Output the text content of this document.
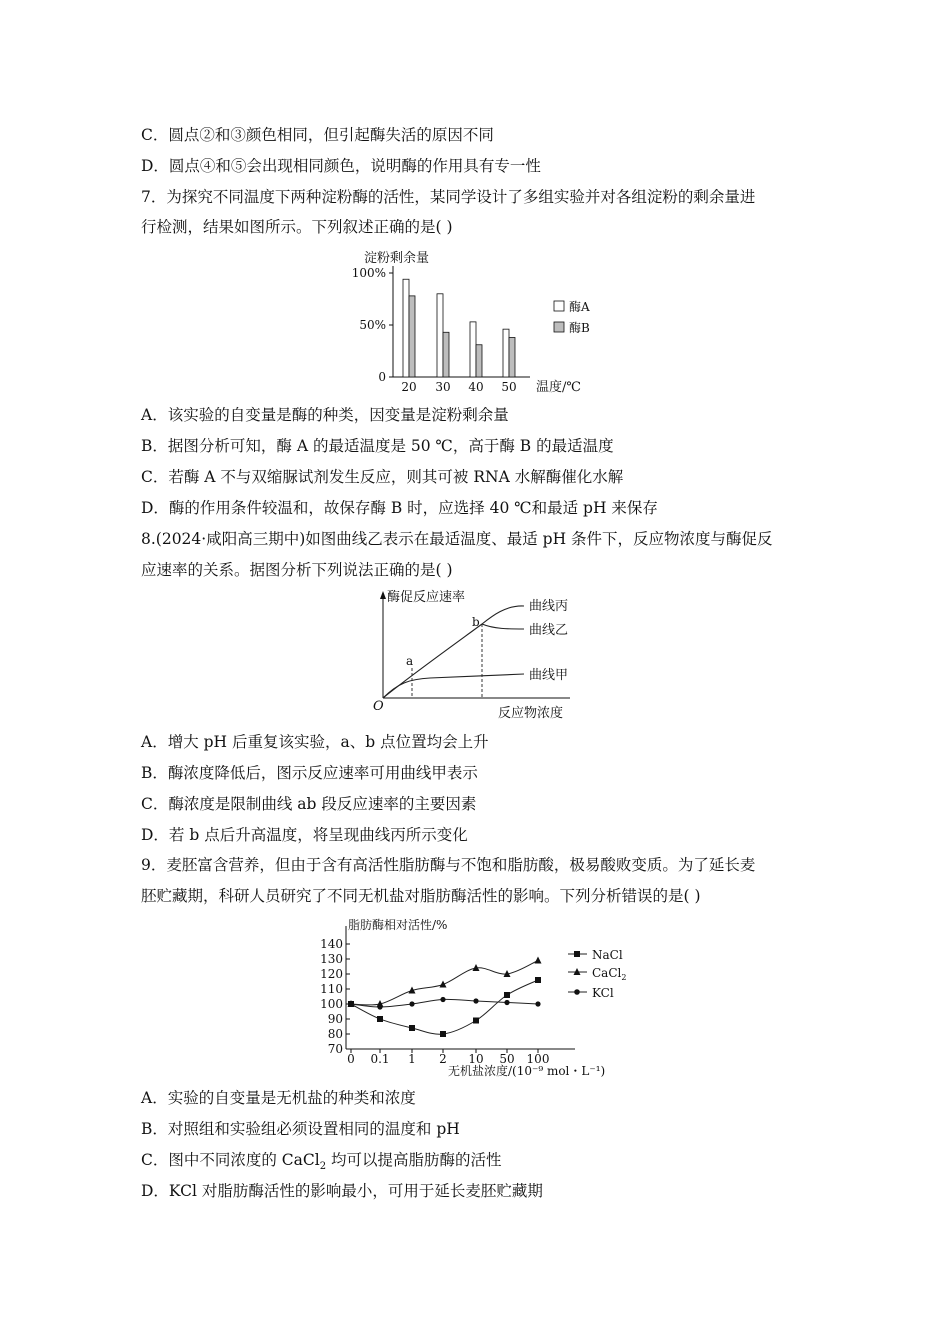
C．圆点②和③颜色相同，但引起酶失活的原因不同
D．圆点④和⑤会出现相同颜色，说明酶的作用具有专一性
7．为探究不同温度下两种淀粉酶的活性，某同学设计了多组实验并对各组淀粉的剩余量进
行检测，结果如图所示。下列叙述正确的是( )
淀粉剩余量
0
50%
100%
20 30 40 50 温度/℃
酶A
酶B
A．该实验的自变量是酶的种类，因变量是淀粉剩余量
B．据图分析可知，酶 A 的最适温度是 50 ℃，高于酶 B 的最适温度
C．若酶 A 不与双缩脲试剂发生反应，则其可被 RNA 水解酶催化水解
D．酶的作用条件较温和，故保存酶 B 时，应选择 40 ℃和最适 pH 来保存
8.(2024·咸阳高三期中)如图曲线乙表示在最适温度、最适 pH 条件下，反应物浓度与酶促反
应速率的关系。据图分析下列说法正确的是( )
酶促反应速率
O	反应物浓度
a
b
曲线丙
曲线乙
曲线甲
A．增大 pH 后重复该实验，a、b 点位置均会上升
B．酶浓度降低后，图示反应速率可用曲线甲表示
C．酶浓度是限制曲线 ab 段反应速率的主要因素
D．若 b 点后升高温度，将呈现曲线丙所示变化
9．麦胚富含营养，但由于含有高活性脂肪酶与不饱和脂肪酸，极易酸败变质。为了延长麦
胚贮藏期，科研人员研究了不同无机盐对脂肪酶活性的影响。下列分析错误的是( )
脂肪酶相对活性/%
70
80
90
100
110
120
130
140
0 0.1 1 2 10 50 100
无机盐浓度/(10⁻⁹ mol・L⁻¹)
NaCl
CaCl$_2$
KCl
A．实验的自变量是无机盐的种类和浓度
B．对照组和实验组必须设置相同的温度和 pH
C．图中不同浓度的 CaCl$_2$ 均可以提高脂肪酶的活性
D．KCl 对脂肪酶活性的影响最小，可用于延长麦胚贮藏期
